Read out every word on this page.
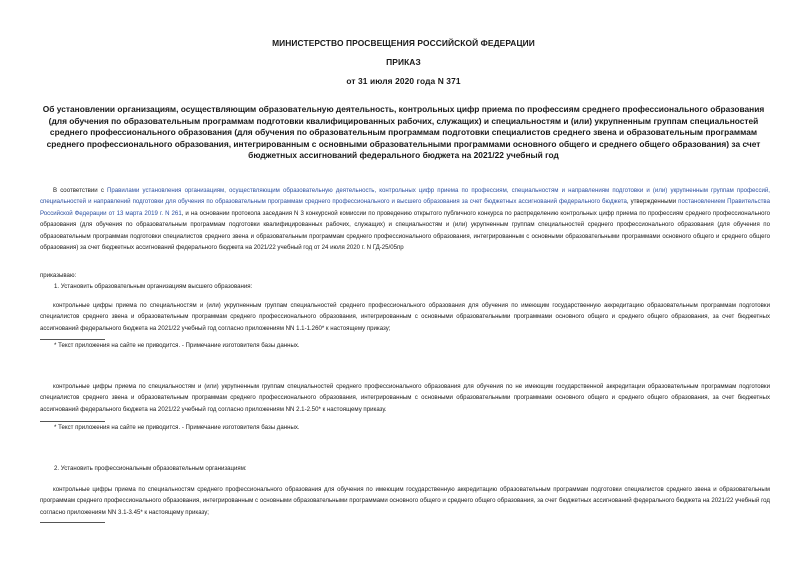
МИНИСТЕРСТВО ПРОСВЕЩЕНИЯ РОССИЙСКОЙ ФЕДЕРАЦИИ
ПРИКАЗ
от 31 июля 2020 года N 371
Об установлении организациям, осуществляющим образовательную деятельность, контрольных цифр приема по профессиям среднего профессионального образования (для обучения по образовательным программам подготовки квалифицированных рабочих, служащих) и специальностям и (или) укрупненным группам специальностей среднего профессионального образования (для обучения по образовательным программам подготовки специалистов среднего звена и образовательным программам среднего профессионального образования, интегрированным с основными образовательными программами основного общего и среднего общего образования) за счет бюджетных ассигнований федерального бюджета на 2021/22 учебный год
В соответствии с Правилами установления организациям, осуществляющим образовательную деятельность, контрольных цифр приема по профессиям, специальностям и направлениям подготовки и (или) укрупненным группам профессий, специальностей и направлений подготовки для обучения по образовательным программам среднего профессионального и высшего образования за счет бюджетных ассигнований федерального бюджета, утвержденными постановлением Правительства Российской Федерации от 13 марта 2019 г. N 261, и на основании протокола заседания N 3 конкурсной комиссии по проведению открытого публичного конкурса по распределению контрольных цифр приема по профессиям среднего профессионального образования (для обучения по образовательным программам подготовки квалифицированных рабочих, служащих) и специальностям и (или) укрупненным группам специальностей среднего профессионального образования (для обучения по образовательным программам подготовки специалистов среднего звена и образовательным программам среднего профессионального образования, интегрированным с основными образовательными программами основного общего и среднего общего образования) за счет бюджетных ассигнований федерального бюджета на 2021/22 учебный год от 24 июля 2020 г. N ГД-25/05пр
приказываю:
1. Установить образовательным организациям высшего образования:
контрольные цифры приема по специальностям и (или) укрупненным группам специальностей среднего профессионального образования для обучения по имеющим государственную аккредитацию образовательным программам подготовки специалистов среднего звена и образовательным программам среднего профессионального образования, интегрированным с основными образовательными программами основного общего и среднего общего образования, за счет бюджетных ассигнований федерального бюджета на 2021/22 учебный год согласно приложениям NN 1.1-1.260* к настоящему приказу;
* Текст приложения на сайте не приводится. - Примечание изготовителя базы данных.
контрольные цифры приема по специальностям и (или) укрупненным группам специальностей среднего профессионального образования для обучения по не имеющим государственной аккредитации образовательным программам подготовки специалистов среднего звена и образовательным программам среднего профессионального образования, интегрированным с основными образовательными программами основного общего и среднего общего образования, за счет бюджетных ассигнований федерального бюджета на 2021/22 учебный год согласно приложениям NN 2.1-2.50* к настоящему приказу.
* Текст приложения на сайте не приводится. - Примечание изготовителя базы данных.
2. Установить профессиональным образовательным организациям:
контрольные цифры приема по специальностям среднего профессионального образования для обучения по имеющим государственную аккредитацию образовательным программам подготовки специалистов среднего звена и образовательным программам среднего профессионального образования, интегрированным с основными образовательными программами основного общего и среднего общего образования, за счет бюджетных ассигнований федерального бюджета на 2021/22 учебный год согласно приложениям NN 3.1-3.45* к настоящему приказу;
